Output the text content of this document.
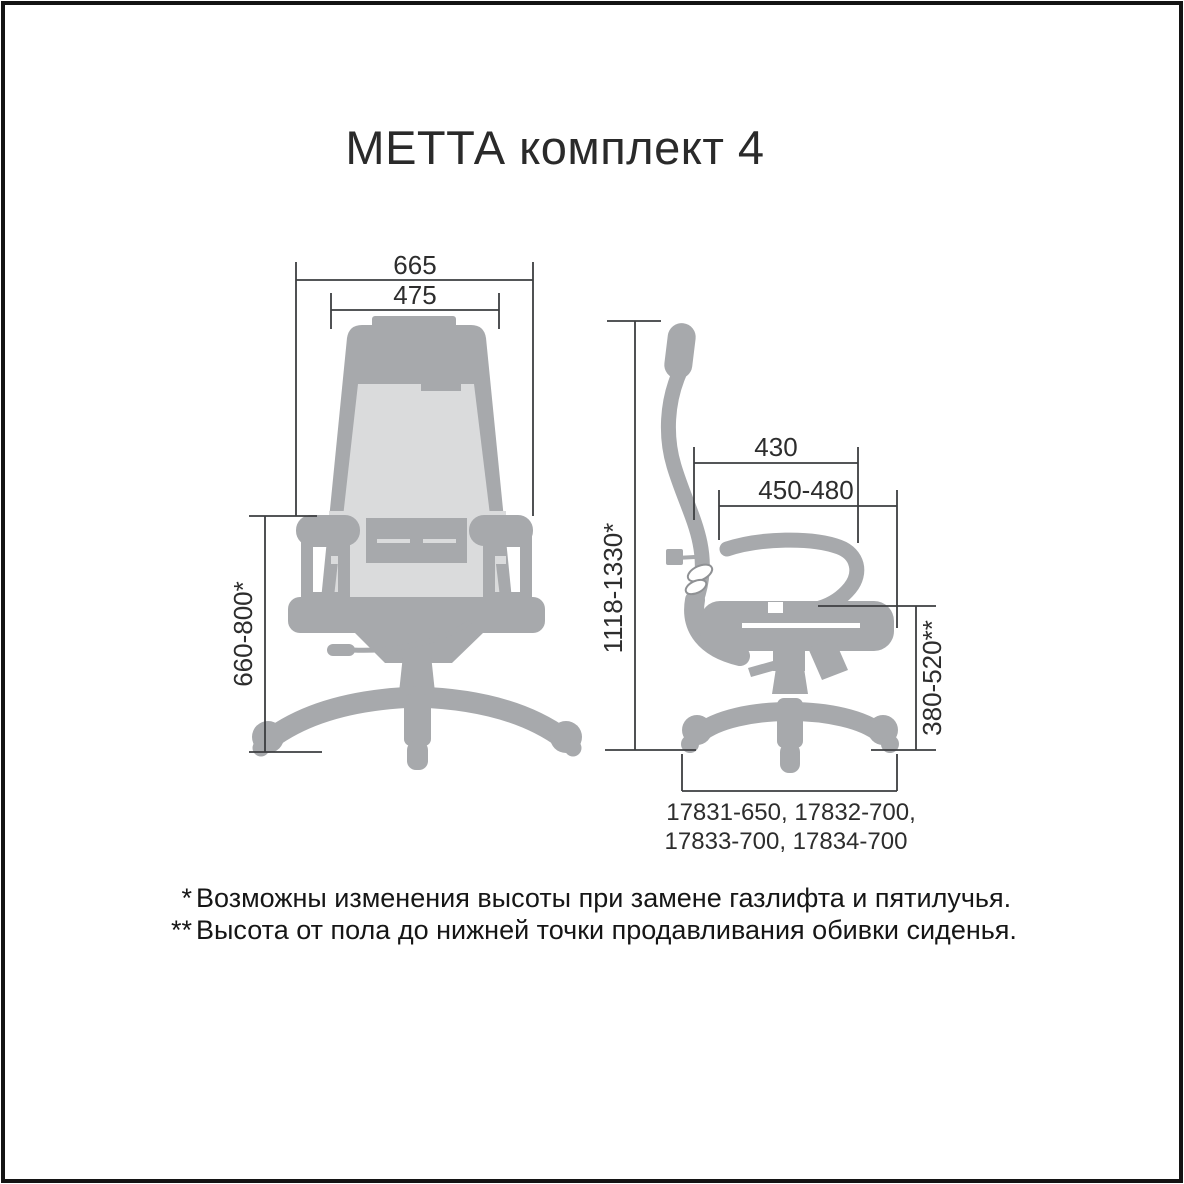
МЕТТА комплект 4
665
475
660-800*	1118-1330*
430
450-480
380-520**
17831-650, 17832-700,
17833-700, 17834-700
* Возможны изменения высоты при замене газлифта и пятилучья.
** Высота от пола до нижней точки продавливания обивки сиденья.
